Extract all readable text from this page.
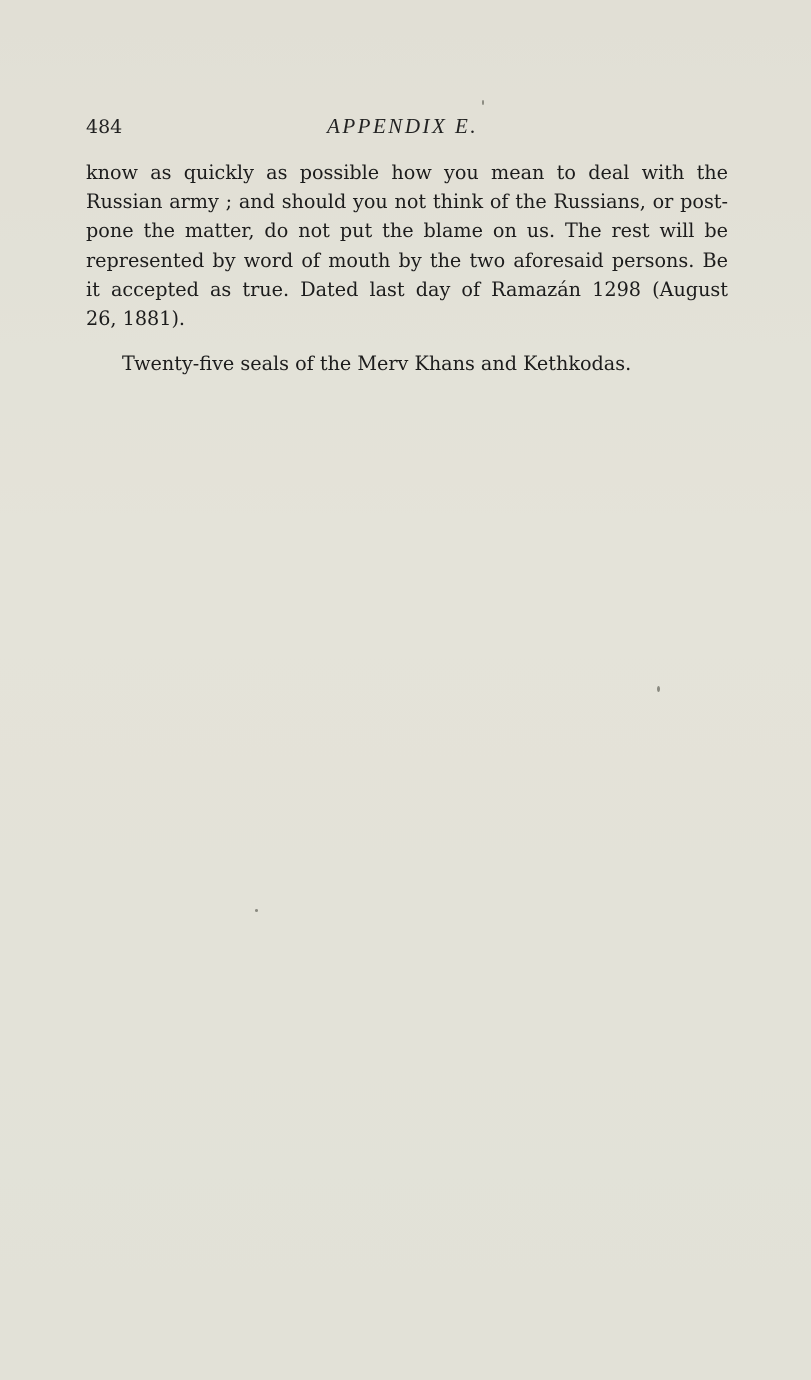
484	APPENDIX E.
know as quickly as possible how you mean to deal with the
Russian army ; and should you not think of the Russians, or post-
pone the matter, do not put the blame on us. The rest will be
represented by word of mouth by the two aforesaid persons. Be
it accepted as true. Dated last day of Ramazán 1298 (August
26, 1881).
Twenty-five seals of the Merv Khans and Kethkodas.
